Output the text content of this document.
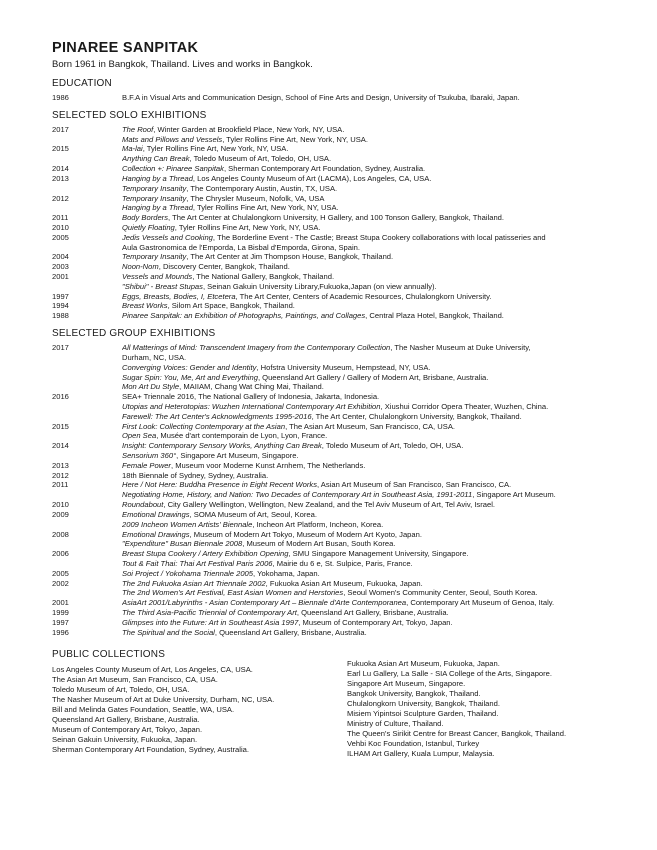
PINAREE SANPITAK
Born 1961 in Bangkok, Thailand. Lives and works in Bangkok.
EDUCATION
1986	B.F.A in Visual Arts and Communication Design, School of Fine Arts and Design, University of Tsukuba, Ibaraki, Japan.
SELECTED SOLO EXHIBITIONS
2017	The Roof, Winter Garden at Brookfield Place, New York, NY, USA.
Mats and Pillows and Vessels, Tyler Rollins Fine Art, New York, NY, USA.
2015	Ma-lai, Tyler Rollins Fine Art, New York, NY, USA.
Anything Can Break, Toledo Museum of Art, Toledo, OH, USA.
2014	Collection +: Pinaree Sanpitak, Sherman Contemporary Art Foundation, Sydney, Australia.
2013	Hanging by a Thread, Los Angeles County Museum of Art (LACMA), Los Angeles, CA, USA.
Temporary Insanity, The Contemporary Austin, Austin, TX, USA.
2012	Temporary Insanity, The Chrysler Museum, Nofolk, VA, USA
Hanging by a Thread, Tyler Rollins Fine Art, New York, NY, USA.
2011	Body Borders, The Art Center at Chulalongkorn University, H Gallery, and 100 Tonson Gallery, Bangkok, Thailand.
2010	Quietly Floating, Tyler Rollins Fine Art, New York, NY, USA.
2005	Jedis Vessels and Cooking, The Borderline Event - The Castle; Breast Stupa Cookery collaborations with local patisseries and
Aula Gastronomica de l'Emporda, La Bisbal d'Emporda, Girona, Spain.
2004	Temporary Insanity, The Art Center at Jim Thompson House, Bangkok, Thailand.
2003	Noon-Nom, Discovery Center, Bangkok, Thailand.
2001	Vessels and Mounds, The National Gallery, Bangkok, Thailand.
"Shibui" - Breast Stupas, Seinan Gakuin University Library,Fukuoka,Japan (on view annually).
1997	Eggs, Breasts, Bodies, I, Etcetera, The Art Center, Centers of Academic Resources, Chulalongkorn University.
1994	Breast Works, Silom Art Space, Bangkok, Thailand.
1988	Pinaree Sanpitak: an Exhibition of Photographs, Paintings, and Collages, Central Plaza Hotel, Bangkok, Thailand.
SELECTED GROUP EXHIBITIONS
2017	All Matterings of Mind: Transcendent Imagery from the Contemporary Collection, The Nasher Museum at Duke University,
Durham, NC, USA.
Converging Voices: Gender and Identity, Hofstra University Museum, Hempstead, NY, USA.
Sugar Spin: You, Me, Art and Everything, Queensland Art Gallery / Gallery of Modern Art, Brisbane, Australia.
Mon Art Du Style, MAIIAM, Chang Wat Ching Mai, Thailand.
2016	SEA+ Triennale 2016, The National Gallery of Indonesia, Jakarta, Indonesia.
Utopias and Heterotopias: Wuzhen International Contemporary Art Exhibition, Xiushui Corridor Opera Theater, Wuzhen, China.
Farewell: The Art Center's Acknowledgments 1995-2016, The Art Center, Chulalongkorn University, Bangkok, Thailand.
2015	First Look: Collecting Contemporary at the Asian, The Asian Art Museum, San Francisco, CA, USA.
Open Sea, Musée d'art contemporain de Lyon, Lyon, France.
2014	Insight: Contemporary Sensory Works, Anything Can Break, Toledo Museum of Art, Toledo, OH, USA.
Sensorium 360°, Singapore Art Museum, Singapore.
2013	Female Power, Museum voor Moderne Kunst Arnhem, The Netherlands.
2012	18th Biennale of Sydney, Sydney, Australia.
2011	Here / Not Here: Buddha Presence in Eight Recent Works, Asian Art Museum of San Francisco, San Francisco, CA.
Negotiating Home, History, and Nation: Two Decades of Contemporary Art in Southeast Asia, 1991-2011, Singapore Art Museum.
2010	Roundabout, City Gallery Wellington, Wellington, New Zealand, and the Tel Aviv Museum of Art, Tel Aviv, Israel.
2009	Emotional Drawings, SOMA Museum of Art, Seoul, Korea.
2009 Incheon Women Artists' Biennale, Incheon Art Platform, Incheon, Korea.
2008	Emotional Drawings, Museum of Modern Art Tokyo, Museum of Modern Art Kyoto, Japan.
"Expenditure" Busan Biennale 2008, Museum of Modern Art Busan, South Korea.
2006	Breast Stupa Cookery / Artery Exhibition Opening, SMU Singapore Management University, Singapore.
Tout & Fait Thai: Thai Art Festival Paris 2006, Mairie du 6 e, St. Sulpice, Paris, France.
2005	Soi Project / Yokohama Triennale 2005, Yokohama, Japan.
2002	The 2nd Fukuoka Asian Art Triennale 2002, Fukuoka Asian Art Museum, Fukuoka, Japan.
The 2nd Women's Art Festival, East Asian Women and Herstories, Seoul Women's Community Center, Seoul, South Korea.
2001	AsiaArt 2001/Labyrinths - Asian Contemporary Art – Biennale d'Arte Contemporanea, Contemporary Art Museum of Genoa, Italy.
1999	The Third Asia-Pacific Triennial of Contemporary Art, Queensland Art Gallery, Brisbane, Australia.
1997	Glimpses into the Future: Art in Southeast Asia 1997, Museum of Contemporary Art, Tokyo, Japan.
1996	The Spiritual and the Social, Queensland Art Gallery, Brisbane, Australia.
PUBLIC COLLECTIONS
Los Angeles County Museum of Art, Los Angeles, CA, USA.
The Asian Art Museum, San Francisco, CA, USA.
Toledo Museum of Art, Toledo, OH, USA.
The Nasher Museum of Art at Duke University, Durham, NC, USA.
Bill and Melinda Gates Foundation, Seattle, WA, USA.
Queensland Art Gallery, Brisbane, Australia.
Museum of Contemporary Art, Tokyo, Japan.
Seinan Gakuin University, Fukuoka, Japan.
Sherman Contemporary Art Foundation, Sydney, Australia.
Fukuoka Asian Art Museum, Fukuoka, Japan.
Earl Lu Gallery, La Salle - SIA College of the Arts, Singapore.
Singapore Art Museum, Singapore.
Bangkok University, Bangkok, Thailand.
Chulalongkorn University, Bangkok, Thailand.
Misiem Yipintsoi Sculpture Garden, Thailand.
Ministry of Culture, Thailand.
The Queen's Sirikit Centre for Breast Cancer, Bangkok, Thailand.
Vehbi Koc Foundation, Istanbul, Turkey
ILHAM Art Gallery, Kuala Lumpur, Malaysia.
